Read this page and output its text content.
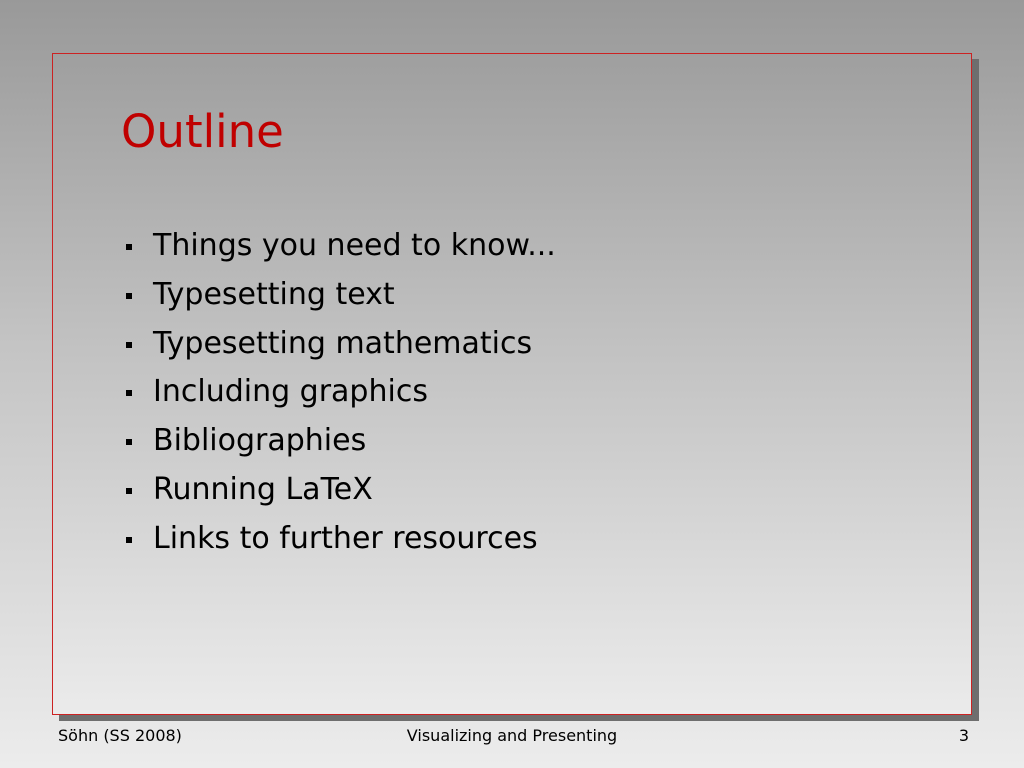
Outline
Things you need to know...
Typesetting text
Typesetting mathematics
Including graphics
Bibliographies
Running LaTeX
Links to further resources
Söhn (SS 2008)	Visualizing and Presenting	3
